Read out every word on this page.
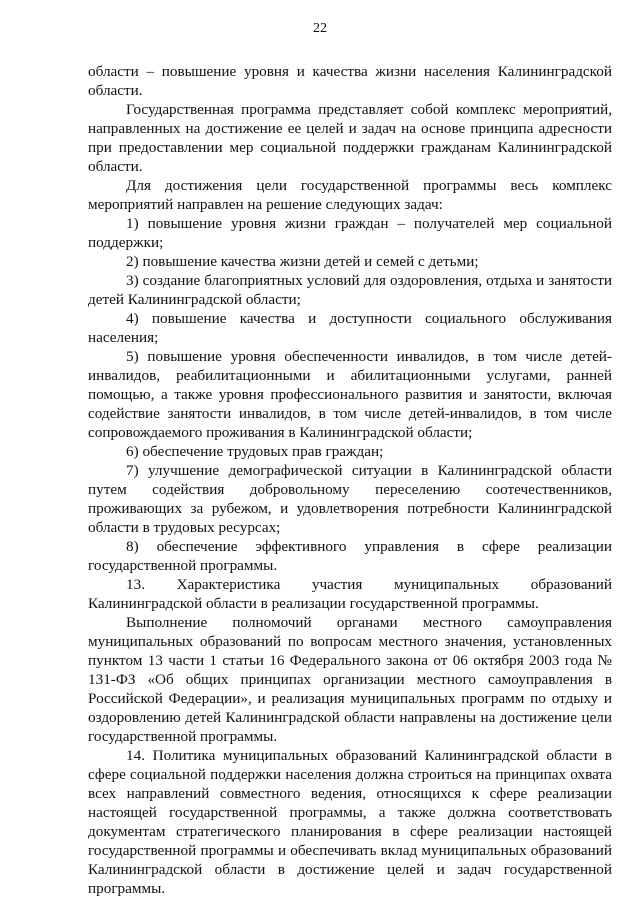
22

области – повышение уровня и качества жизни населения Калининградской области.

Государственная программа представляет собой комплекс мероприятий, направленных на достижение ее целей и задач на основе принципа адресности при предоставлении мер социальной поддержки гражданам Калининградской области.

Для достижения цели государственной программы весь комплекс мероприятий направлен на решение следующих задач:

1) повышение уровня жизни граждан – получателей мер социальной поддержки;

2) повышение качества жизни детей и семей с детьми;

3) создание благоприятных условий для оздоровления, отдыха и занятости детей Калининградской области;

4) повышение качества и доступности социального обслуживания населения;

5) повышение уровня обеспеченности инвалидов, в том числе детей-инвалидов, реабилитационными и абилитационными услугами, ранней помощью, а также уровня профессионального развития и занятости, включая содействие занятости инвалидов, в том числе детей-инвалидов, в том числе сопровождаемого проживания в Калининградской области;

6) обеспечение трудовых прав граждан;

7) улучшение демографической ситуации в Калининградской области путем содействия добровольному переселению соотечественников, проживающих за рубежом, и удовлетворения потребности Калининградской области в трудовых ресурсах;

8) обеспечение эффективного управления в сфере реализации государственной программы.

13. Характеристика участия муниципальных образований Калининградской области в реализации государственной программы.

Выполнение полномочий органами местного самоуправления муниципальных образований по вопросам местного значения, установленных пунктом 13 части 1 статьи 16 Федерального закона от 06 октября 2003 года № 131-ФЗ «Об общих принципах организации местного самоуправления в Российской Федерации», и реализация муниципальных программ по отдыху и оздоровлению детей Калининградской области направлены на достижение цели государственной программы.

14. Политика муниципальных образований Калининградской области в сфере социальной поддержки населения должна строиться на принципах охвата всех направлений совместного ведения, относящихся к сфере реализации настоящей государственной программы, а также должна соответствовать документам стратегического планирования в сфере реализации настоящей государственной программы и обеспечивать вклад муниципальных образований Калининградской области в достижение целей и задач государственной программы.
